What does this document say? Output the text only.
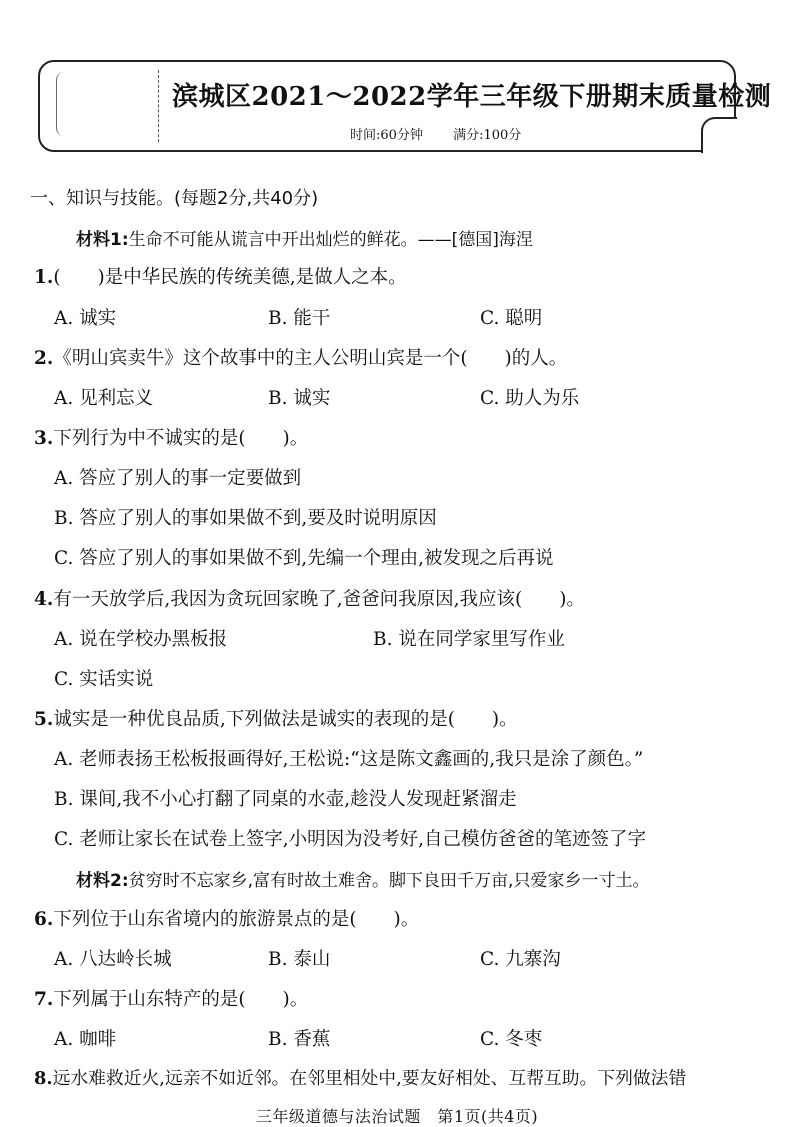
滨城区2021～2022学年三年级下册期末质量检测
时间:60分钟 满分:100分
一、知识与技能。(每题2分,共40分)
材料1:生命不可能从谎言中开出灿烂的鲜花。——[德国]海涅
1.(　　)是中华民族的传统美德,是做人之本。
A. 诚实	B. 能干	C. 聪明
2.《明山宾卖牛》这个故事中的主人公明山宾是一个(　　)的人。
A. 见利忘义	B. 诚实	C. 助人为乐
3.下列行为中不诚实的是(　　)。
A. 答应了别人的事一定要做到
B. 答应了别人的事如果做不到,要及时说明原因
C. 答应了别人的事如果做不到,先编一个理由,被发现之后再说
4.有一天放学后,我因为贪玩回家晚了,爸爸问我原因,我应该(　　)。
A. 说在学校办黑板报	B. 说在同学家里写作业
C. 实话实说
5.诚实是一种优良品质,下列做法是诚实的表现的是(　　)。
A. 老师表扬王松板报画得好,王松说:“这是陈文鑫画的,我只是涂了颜色。”
B. 课间,我不小心打翻了同桌的水壶,趁没人发现赶紧溜走
C. 老师让家长在试卷上签字,小明因为没考好,自己模仿爸爸的笔迹签了字
材料2:贫穷时不忘家乡,富有时故土难舍。脚下良田千万亩,只爱家乡一寸土。
6.下列位于山东省境内的旅游景点的是(　　)。
A. 八达岭长城	B. 泰山	C. 九寨沟
7.下列属于山东特产的是(　　)。
A. 咖啡	B. 香蕉	C. 冬枣
8.远水难救近火,远亲不如近邻。在邻里相处中,要友好相处、互帮互助。下列做法错
三年级道德与法治试题　第1页(共4页)
